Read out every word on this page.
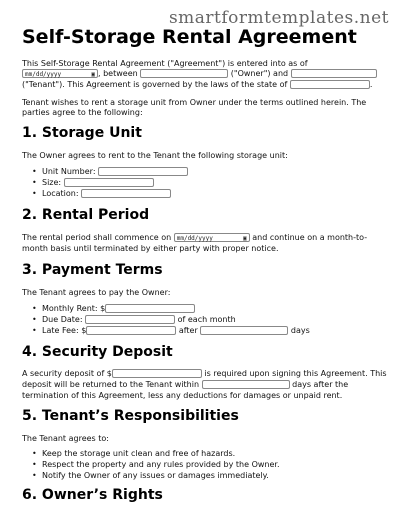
smartformtemplates.net
Self-Storage Rental Agreement
This Self-Storage Rental Agreement ("Agreement") is entered into as of
mm/dd/yyyy	▣ , between	("Owner") and
("Tenant"). This Agreement is governed by the laws of the state of	.
Tenant wishes to rent a storage unit from Owner under the terms outlined herein. The
parties agree to the following:
1. Storage Unit
The Owner agrees to rent to the Tenant the following storage unit:
• Unit Number:
• Size:
• Location:
2. Rental Period
The rental period shall commence on mm/dd/yyyy	▣ and continue on a month-to-
month basis until terminated by either party with proper notice.
3. Payment Terms
The Tenant agrees to pay the Owner:
• Monthly Rent: $
• Due Date:	of each month
• Late Fee: $	after	days
4. Security Deposit
A security deposit of $	is required upon signing this Agreement. This
deposit will be returned to the Tenant within	days after the
termination of this Agreement, less any deductions for damages or unpaid rent.
5. Tenant’s Responsibilities
The Tenant agrees to:
• Keep the storage unit clean and free of hazards.
• Respect the property and any rules provided by the Owner.
• Notify the Owner of any issues or damages immediately.
6. Owner’s Rights
